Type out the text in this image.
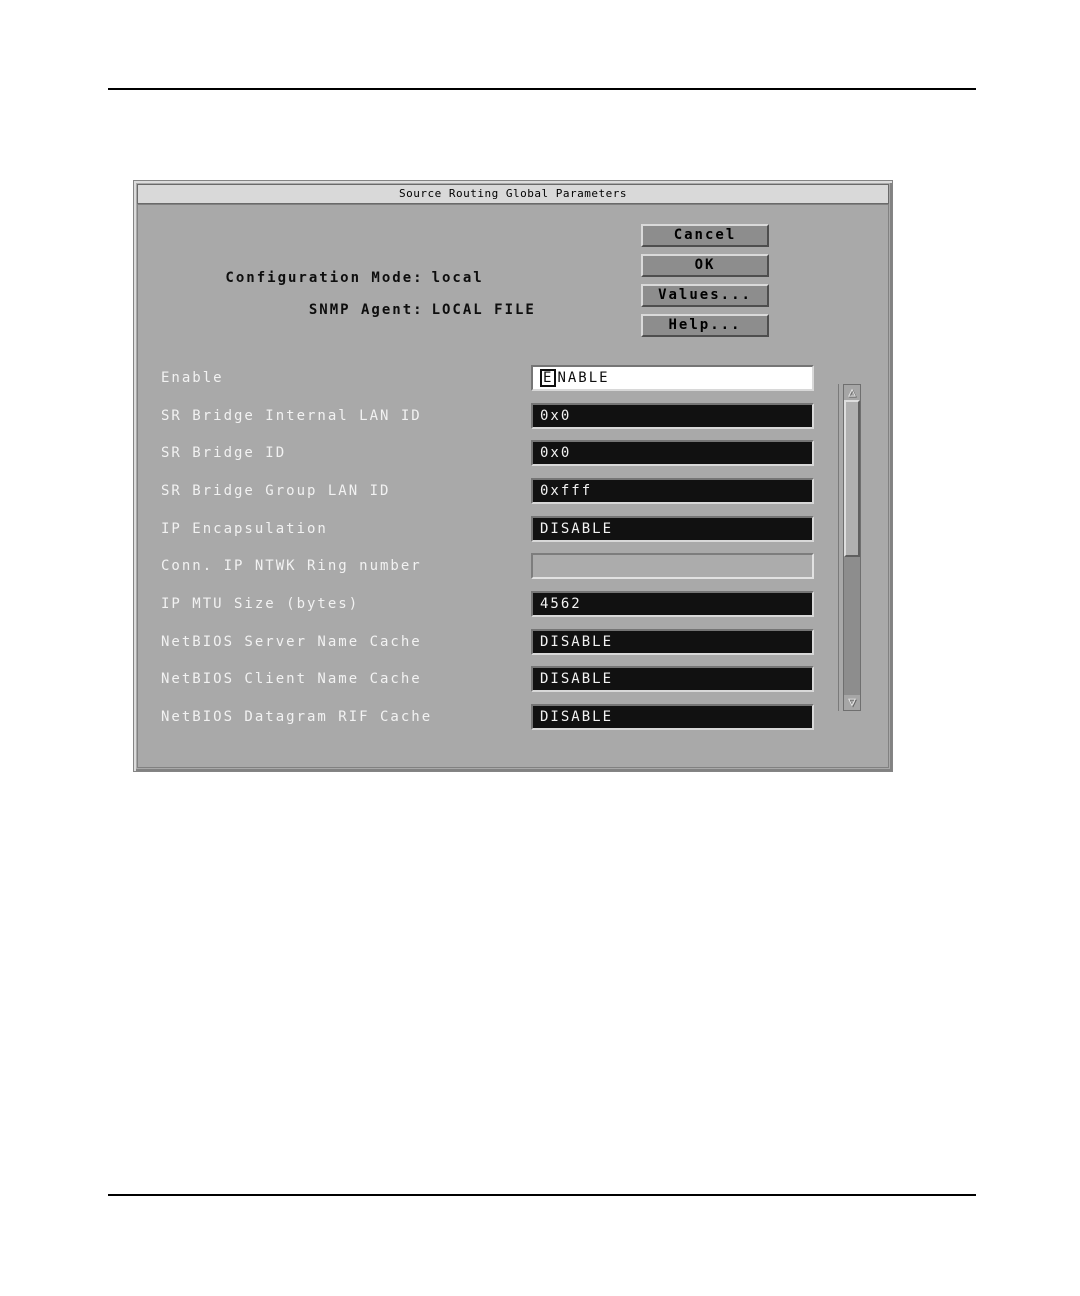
Source Routing Global Parameters

Configuration Mode: local

SNMP Agent: LOCAL FILE

Cancel
OK
Values...
Help...
Enable	E NABLE
SR Bridge Internal LAN ID	0x0
SR Bridge ID	0x0
SR Bridge Group LAN ID	0xfff
IP Encapsulation	DISABLE
Conn. IP NTWK Ring number
IP MTU Size (bytes)	4562
NetBIOS Server Name Cache	DISABLE
NetBIOS Client Name Cache	DISABLE
NetBIOS Datagram RIF Cache	DISABLE
△
▽
